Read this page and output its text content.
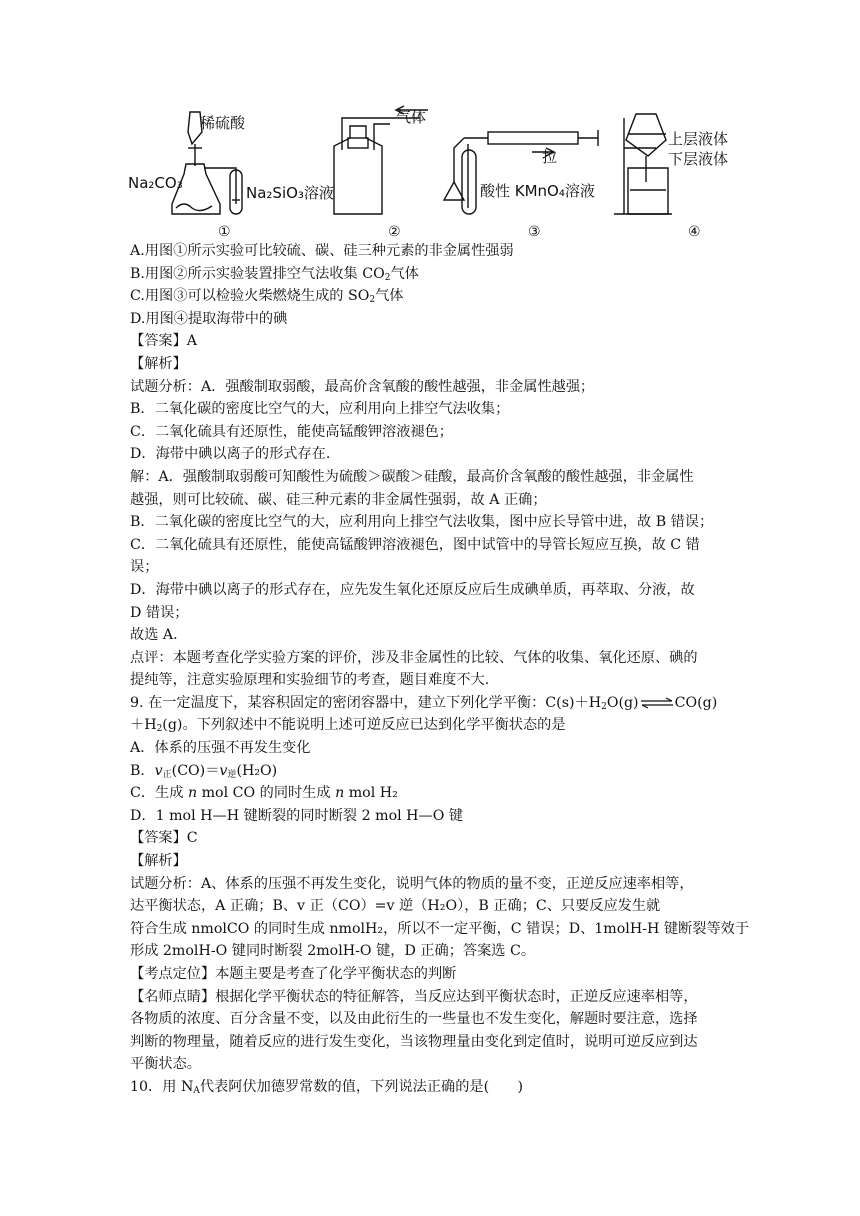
稀硫酸
Na₂CO₃
Na₂SiO₃溶液
①
气体
②
拉
酸性 KMnO₄溶液
③
上层液体
下层液体
④

A.用图①所示实验可比较硫、碳、硅三种元素的非金属性强弱

B.用图②所示实验装置排空气法收集 $CO_2$气体

C.用图③可以检验火柴燃烧生成的 $SO_2$气体

D.用图④提取海带中的碘

【答案】A

【解析】

试题分析：A．强酸制取弱酸，最高价含氧酸的酸性越强，非金属性越强；

B．二氧化碳的密度比空气的大，应利用向上排空气法收集；

C．二氧化硫具有还原性，能使高锰酸钾溶液褪色；

D．海带中碘以离子的形式存在.

解：A．强酸制取弱酸可知酸性为硫酸＞碳酸＞硅酸，最高价含氧酸的酸性越强，非金属性

越强，则可比较硫、碳、硅三种元素的非金属性强弱，故 A 正确；

B．二氧化碳的密度比空气的大，应利用向上排空气法收集，图中应长导管中进，故 B 错误；

C．二氧化硫具有还原性，能使高锰酸钾溶液褪色，图中试管中的导管长短应互换，故 C 错

误；

D．海带中碘以离子的形式存在，应先发生氧化还原反应后生成碘单质，再萃取、分液，故

D 错误；

故选 A.

点评：本题考查化学实验方案的评价，涉及非金属性的比较、气体的收集、氧化还原、碘的

提纯等，注意实验原理和实验细节的考查，题目难度不大.

9. 在一定温度下，某容积固定的密闭容器中，建立下列化学平衡：$C(s)+H_2O(g)\rightleftharpoons CO(g)$

$+H_2(g)$。下列叙述中不能说明上述可逆反应已达到化学平衡状态的是

A．体系的压强不再发生变化

B．$v_正(CO)=v_逆(H_2O)$

C．生成 n mol CO 的同时生成 n mol H₂

D．1 mol H—H 键断裂的同时断裂 2 mol H—O 键

【答案】C

【解析】

试题分析：A、体系的压强不再发生变化，说明气体的物质的量不变，正逆反应速率相等，

达平衡状态，A 正确；B、v 正（CO）=v 逆（H₂O），B 正确；C、只要反应发生就

符合生成 nmolCO 的同时生成 nmolH₂，所以不一定平衡，C 错误；D、1molH-H 键断裂等效于

形成 2molH-O 键同时断裂 2molH-O 键，D 正确；答案选 C。

【考点定位】本题主要是考查了化学平衡状态的判断

【名师点睛】根据化学平衡状态的特征解答，当反应达到平衡状态时，正逆反应速率相等，

各物质的浓度、百分含量不变，以及由此衍生的一些量也不发生变化，解题时要注意，选择

判断的物理量，随着反应的进行发生变化，当该物理量由变化到定值时，说明可逆反应到达

平衡状态。

10．用 $N_A$代表阿伏加德罗常数的值，下列说法正确的是(　　)
